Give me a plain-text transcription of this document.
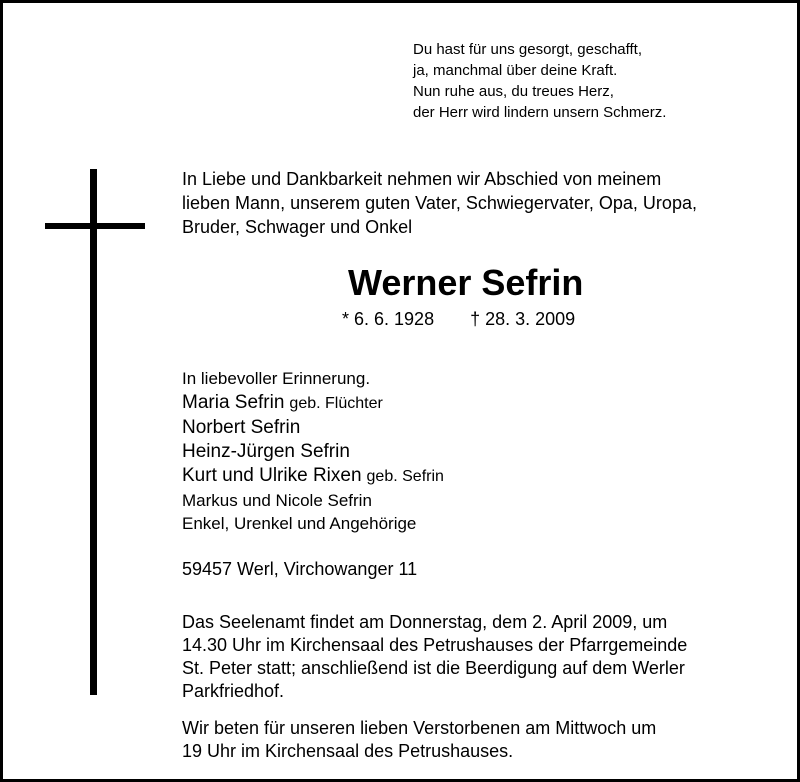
Du hast für uns gesorgt, geschafft,
ja, manchmal über deine Kraft.
Nun ruhe aus, du treues Herz,
der Herr wird lindern unsern Schmerz.
In Liebe und Dankbarkeit nehmen wir Abschied von meinem
lieben Mann, unserem guten Vater, Schwiegervater, Opa, Uropa,
Bruder, Schwager und Onkel
Werner Sefrin
* 6. 6. 1928 † 28. 3. 2009
In liebevoller Erinnerung.
Maria Sefrin geb. Flüchter
Norbert Sefrin
Heinz-Jürgen Sefrin
Kurt und Ulrike Rixen geb. Sefrin
Markus und Nicole Sefrin
Enkel, Urenkel und Angehörige
59457 Werl, Virchowanger 11
Das Seelenamt findet am Donnerstag, dem 2. April 2009, um
14.30 Uhr im Kirchensaal des Petrushauses der Pfarrgemeinde
St. Peter statt; anschließend ist die Beerdigung auf dem Werler
Parkfriedhof.
Wir beten für unseren lieben Verstorbenen am Mittwoch um
19 Uhr im Kirchensaal des Petrushauses.
